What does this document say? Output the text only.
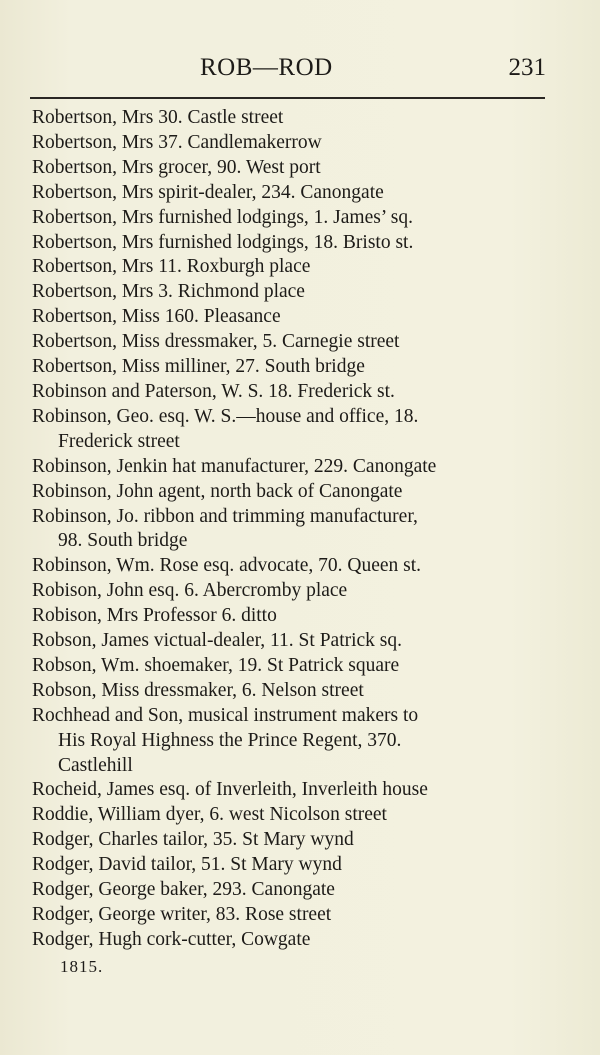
ROB—ROD	231
Robertson, Mrs 30. Castle street
Robertson, Mrs 37. Candlemakerrow
Robertson, Mrs grocer, 90. West port
Robertson, Mrs spirit-dealer, 234. Canongate
Robertson, Mrs furnished lodgings, 1. James’ sq.
Robertson, Mrs furnished lodgings, 18. Bristo st.
Robertson, Mrs 11. Roxburgh place
Robertson, Mrs 3. Richmond place
Robertson, Miss 160. Pleasance
Robertson, Miss dressmaker, 5. Carnegie street
Robertson, Miss milliner, 27. South bridge
Robinson and Paterson, W. S. 18. Frederick st.
Robinson, Geo. esq. W. S.—house and office, 18.
Frederick street
Robinson, Jenkin hat manufacturer, 229. Canongate
Robinson, John agent, north back of Canongate
Robinson, Jo. ribbon and trimming manufacturer,
98. South bridge
Robinson, Wm. Rose esq. advocate, 70. Queen st.
Robison, John esq. 6. Abercromby place
Robison, Mrs Professor 6. ditto
Robson, James victual-dealer, 11. St Patrick sq.
Robson, Wm. shoemaker, 19. St Patrick square
Robson, Miss dressmaker, 6. Nelson street
Rochhead and Son, musical instrument makers to
His Royal Highness the Prince Regent, 370.
Castlehill
Rocheid, James esq. of Inverleith, Inverleith house
Roddie, William dyer, 6. west Nicolson street
Rodger, Charles tailor, 35. St Mary wynd
Rodger, David tailor, 51. St Mary wynd
Rodger, George baker, 293. Canongate
Rodger, George writer, 83. Rose street
Rodger, Hugh cork-cutter, Cowgate
1815.
